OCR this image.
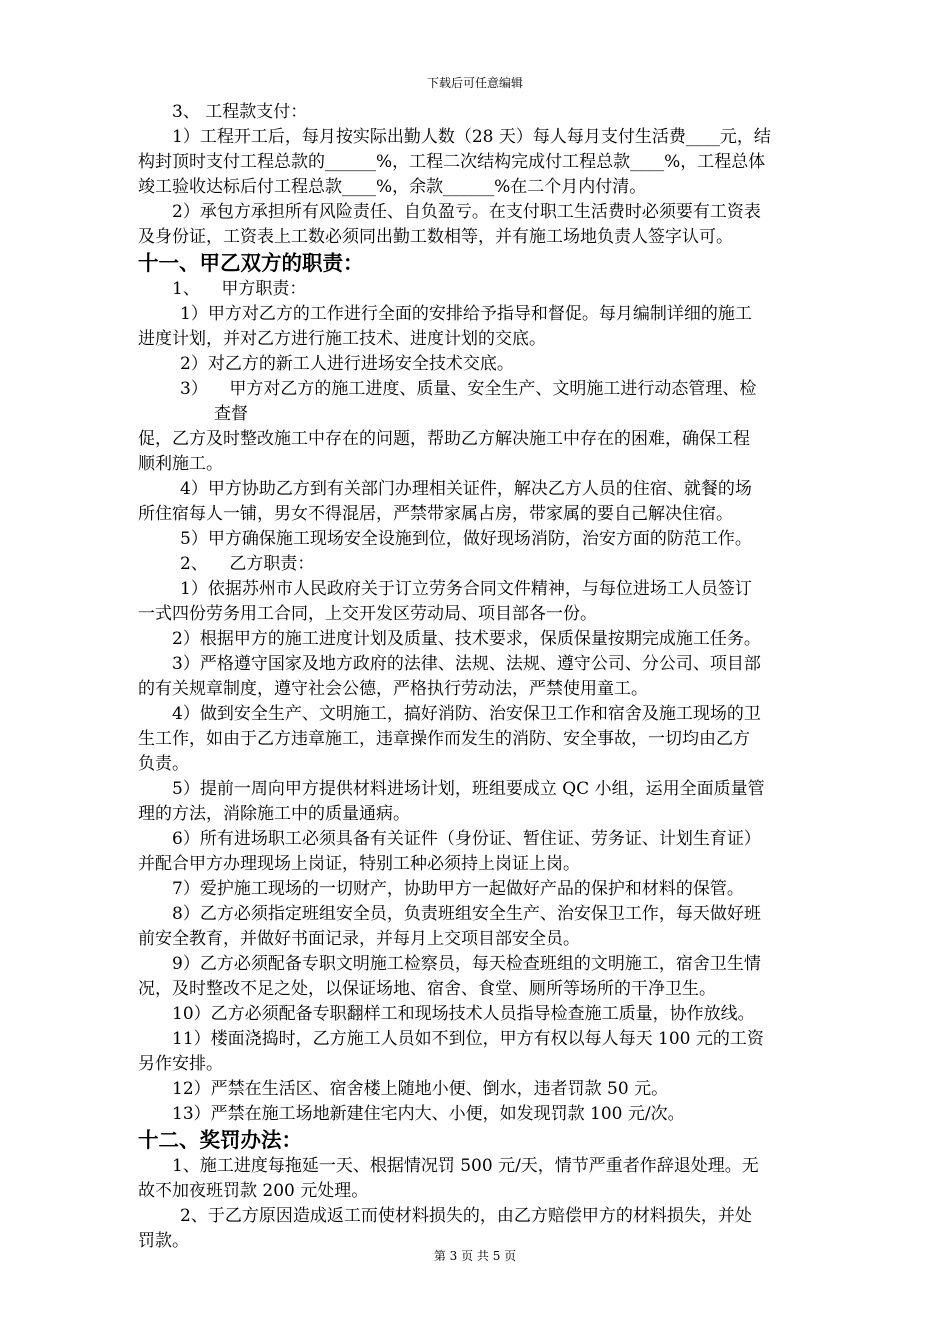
下载后可任意编辑
3、 工程款支付：
1）工程开工后，每月按实际出勤人数（28 天）每人每月支付生活费____元，结
构封顶时支付工程总款的______%，工程二次结构完成付工程总款____%，工程总体
竣工验收达标后付工程总款____%，余款______%在二个月内付清。
2）承包方承担所有风险责任、自负盈亏。在支付职工生活费时必须要有工资表
及身份证，工资表上工数必须同出勤工数相等，并有施工场地负责人签字认可。
十一、甲乙双方的职责：
1、    甲方职责：
1）甲方对乙方的工作进行全面的安排给予指导和督促。每月编制详细的施工
进度计划，并对乙方进行施工技术、进度计划的交底。
2）对乙方的新工人进行进场安全技术交底。
3）    甲方对乙方的施工进度、质量、安全生产、文明施工进行动态管理、检
查督
促，乙方及时整改施工中存在的问题，帮助乙方解决施工中存在的困难，确保工程
顺利施工。
4）甲方协助乙方到有关部门办理相关证件，解决乙方人员的住宿、就餐的场
所住宿每人一铺，男女不得混居，严禁带家属占房，带家属的要自己解决住宿。
5）甲方确保施工现场安全设施到位，做好现场消防，治安方面的防范工作。
2、    乙方职责：
1）依据苏州市人民政府关于订立劳务合同文件精神，与每位进场工人员签订
一式四份劳务用工合同，上交开发区劳动局、项目部各一份。
2）根据甲方的施工进度计划及质量、技术要求，保质保量按期完成施工任务。
3）严格遵守国家及地方政府的法律、法规、法规、遵守公司、分公司、项目部
的有关规章制度，遵守社会公德，严格执行劳动法，严禁使用童工。
4）做到安全生产、文明施工，搞好消防、治安保卫工作和宿舍及施工现场的卫
生工作，如由于乙方违章施工，违章操作而发生的消防、安全事故，一切均由乙方
负责。
5）提前一周向甲方提供材料进场计划，班组要成立 QC 小组，运用全面质量管
理的方法，消除施工中的质量通病。
6）所有进场职工必须具备有关证件（身份证、暂住证、劳务证、计划生育证）
并配合甲方办理现场上岗证，特别工种必须持上岗证上岗。
7）爱护施工现场的一切财产，协助甲方一起做好产品的保护和材料的保管。
8）乙方必须指定班组安全员，负责班组安全生产、治安保卫工作，每天做好班
前安全教育，并做好书面记录，并每月上交项目部安全员。
9）乙方必须配备专职文明施工检察员，每天检查班组的文明施工，宿舍卫生情
况，及时整改不足之处，以保证场地、宿舍、食堂、厕所等场所的干净卫生。
10）乙方必须配备专职翻样工和现场技术人员指导检查施工质量，协作放线。
11）楼面浇捣时，乙方施工人员如不到位，甲方有权以每人每天 100 元的工资
另作安排。
12）严禁在生活区、宿舍楼上随地小便、倒水，违者罚款 50 元。
13）严禁在施工场地新建住宅内大、小便，如发现罚款 100 元/次。
十二、奖罚办法：
1、施工进度每拖延一天、根据情况罚 500 元/天，情节严重者作辞退处理。无
故不加夜班罚款 200 元处理。
2、于乙方原因造成返工而使材料损失的，由乙方赔偿甲方的材料损失，并处
罚款。
第 3 页 共 5 页
